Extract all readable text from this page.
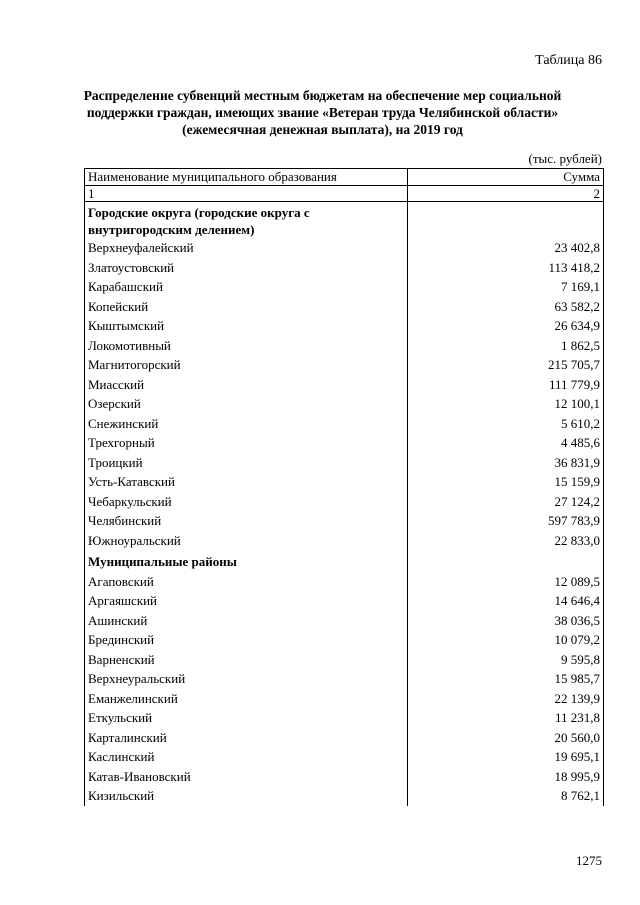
Таблица 86
Распределение субвенций местным бюджетам на обеспечение мер социальной поддержки граждан, имеющих звание «Ветеран труда Челябинской области» (ежемесячная денежная выплата), на 2019 год
(тыс. рублей)
Наименование муниципального образования	Сумма
1	2
Городские округа (городские округа с внутригородским делением)	
Верхнеуфалейский	23 402,8
Златоустовский	113 418,2
Карабашский	7 169,1
Копейский	63 582,2
Кыштымский	26 634,9
Локомотивный	1 862,5
Магнитогорский	215 705,7
Миасский	111 779,9
Озерский	12 100,1
Снежинский	5 610,2
Трехгорный	4 485,6
Троицкий	36 831,9
Усть-Катавский	15 159,9
Чебаркульский	27 124,2
Челябинский	597 783,9
Южноуральский	22 833,0
Муниципальные районы	
Агаповский	12 089,5
Аргаяшский	14 646,4
Ашинский	38 036,5
Брединский	10 079,2
Варненский	9 595,8
Верхнеуральский	15 985,7
Еманжелинский	22 139,9
Еткульский	11 231,8
Карталинский	20 560,0
Каслинский	19 695,1
Катав-Ивановский	18 995,9
Кизильский	8 762,1
1275
